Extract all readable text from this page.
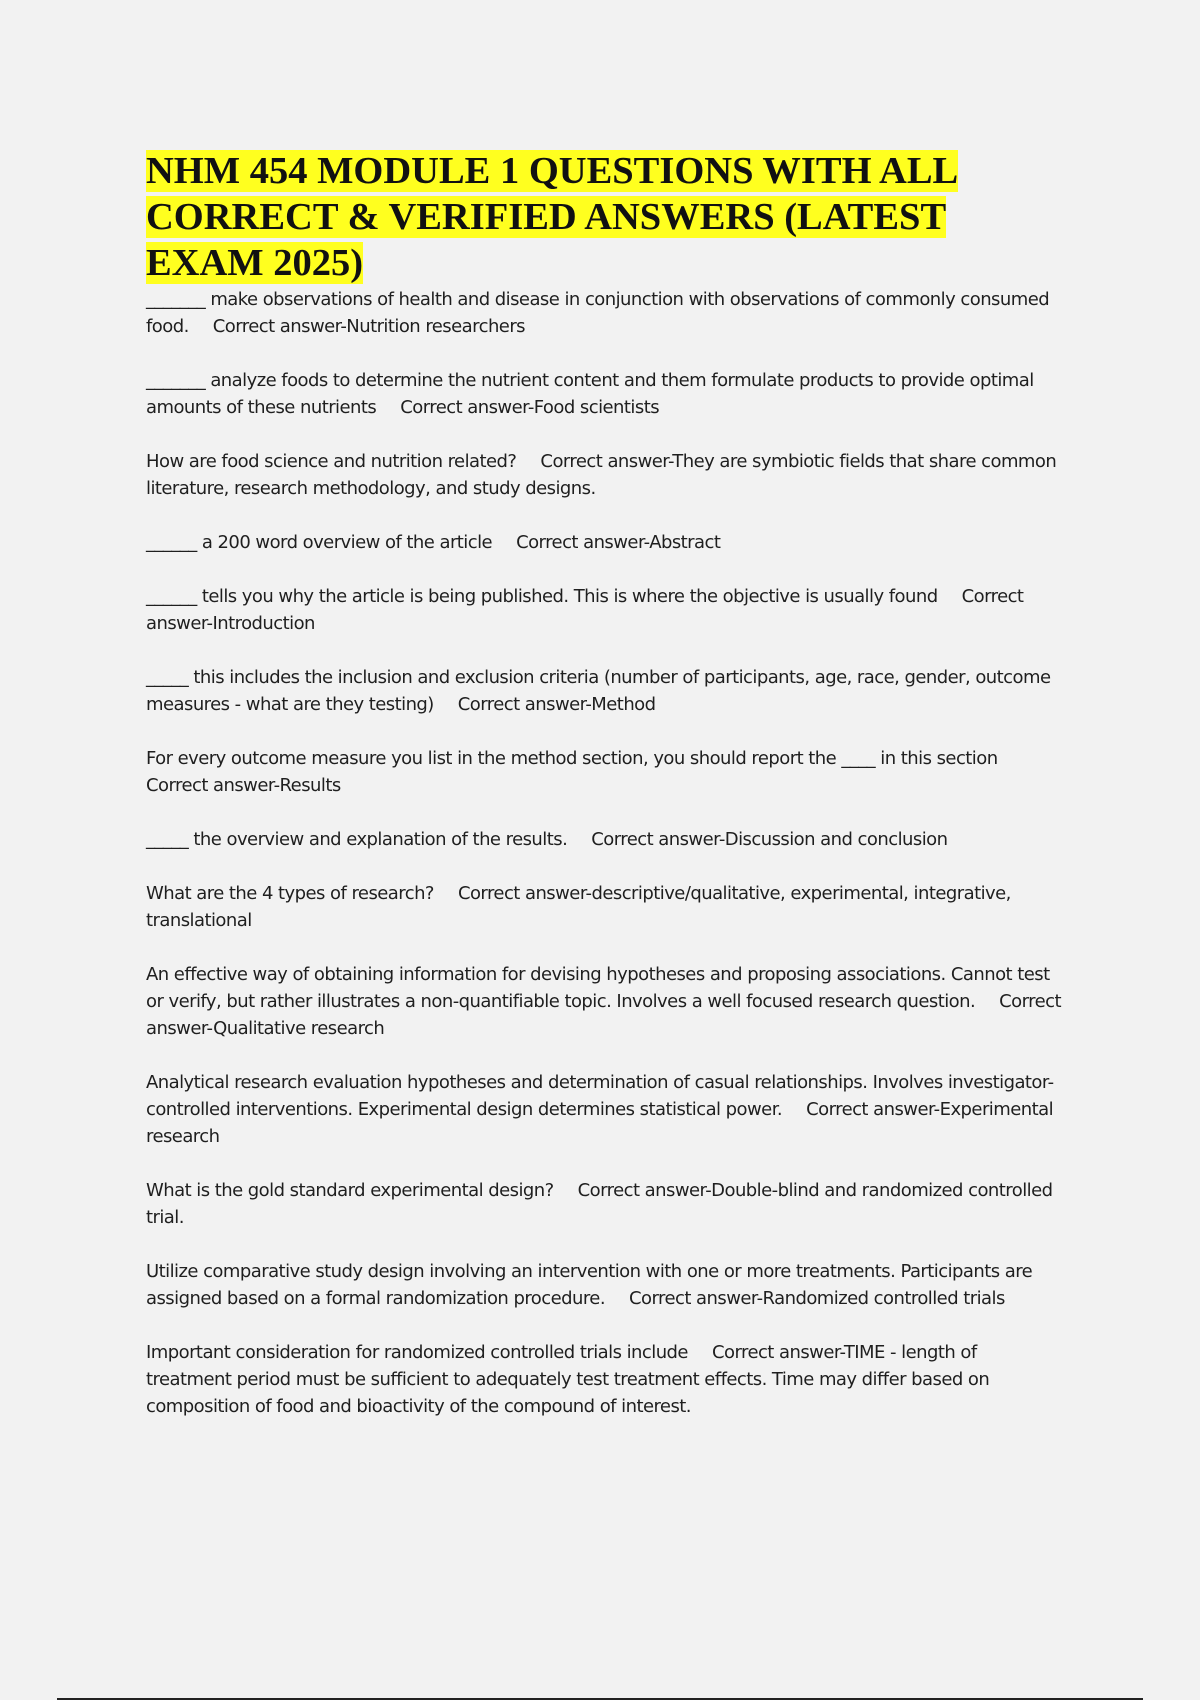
NHM 454 MODULE 1 QUESTIONS WITH ALL CORRECT & VERIFIED ANSWERS (LATEST EXAM 2025)

_______ make observations of health and disease in conjunction with observations of commonly consumed food. Correct answer-Nutrition researchers

_______ analyze foods to determine the nutrient content and them formulate products to provide optimal amounts of these nutrients Correct answer-Food scientists

How are food science and nutrition related? Correct answer-They are symbiotic fields that share common literature, research methodology, and study designs.

______ a 200 word overview of the article Correct answer-Abstract

______ tells you why the article is being published. This is where the objective is usually found Correct answer-Introduction

_____ this includes the inclusion and exclusion criteria (number of participants, age, race, gender, outcome measures - what are they testing) Correct answer-Method

For every outcome measure you list in the method section, you should report the ____ in this sectionCorrect answer-Results

_____ the overview and explanation of the results. Correct answer-Discussion and conclusion

What are the 4 types of research? Correct answer-descriptive/qualitative, experimental, integrative, translational

An effective way of obtaining information for devising hypotheses and proposing associations. Cannot test or verify, but rather illustrates a non-quantifiable topic. Involves a well focused research question. Correct answer-Qualitative research

Analytical research evaluation hypotheses and determination of casual relationships. Involves investigator-controlled interventions. Experimental design determines statistical power. Correct answer-Experimental research

What is the gold standard experimental design? Correct answer-Double-blind and randomized controlled trial.

Utilize comparative study design involving an intervention with one or more treatments. Participants are assigned based on a formal randomization procedure. Correct answer-Randomized controlled trials

Important consideration for randomized controlled trials include Correct answer-TIME - length of treatment period must be sufficient to adequately test treatment effects. Time may differ based on composition of food and bioactivity of the compound of interest.
